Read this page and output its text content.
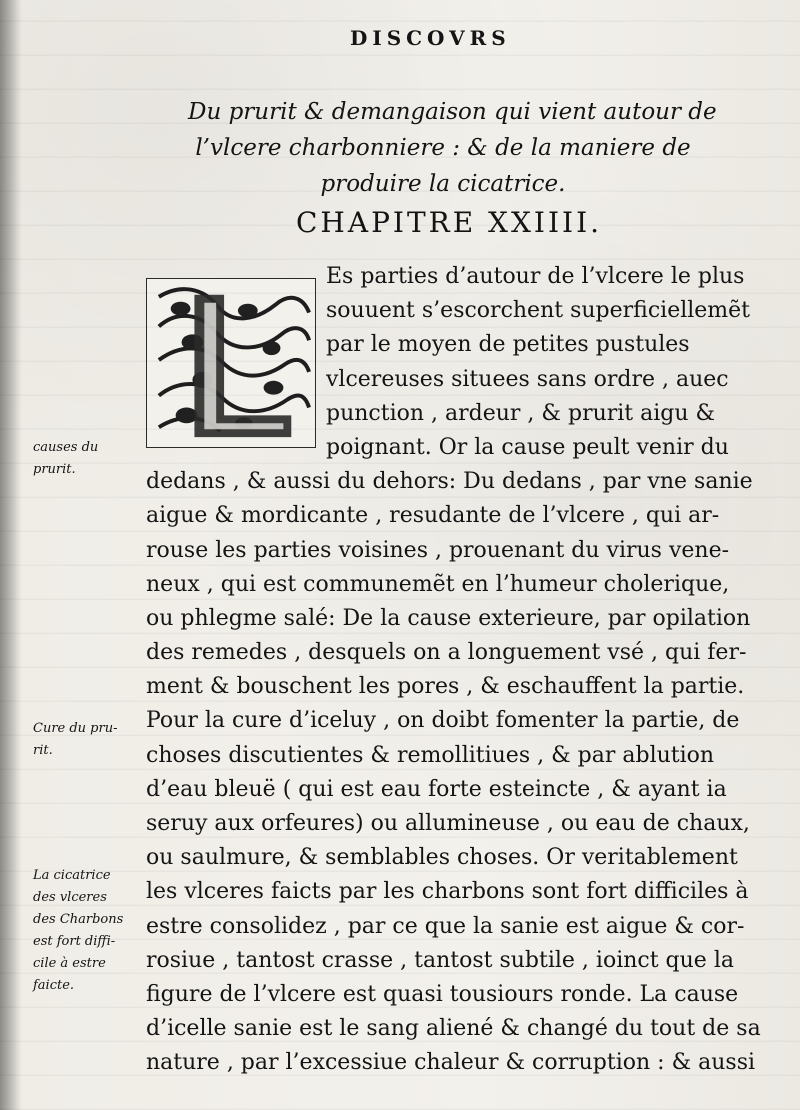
DISCOVRS
Du prurit & demangaison qui vient autour de
l’vlcere charbonniere : & de la maniere de
produire la cicatrice.
CHAPITRE XXIIII.
Es parties d’autour de l’vlcere le plus
souuent s’escorchent superficiellemẽt
par le moyen de petites pustules
vlcereuses situees sans ordre , auec
punction , ardeur , & prurit aigu &
poignant. Or la cause peult venir du
dedans , & aussi du dehors: Du dedans , par vne sanie
aigue & mordicante , resudante de l’vlcere , qui ar-
rouse les parties voisines , prouenant du virus vene-
neux , qui est communemẽt en l’humeur cholerique,
ou phlegme salé: De la cause exterieure, par opilation
des remedes , desquels on a longuement vsé , qui fer-
ment & bouschent les pores , & eschauffent la partie.
Pour la cure d’iceluy , on doibt fomenter la partie, de
choses discutientes & remollitiues , & par ablution
d’eau bleuë ( qui est eau forte esteincte , & ayant ia
seruy aux orfeures) ou allumineuse , ou eau de chaux,
ou saulmure, & semblables choses. Or veritablement
les vlceres faicts par les charbons sont fort difficiles à
estre consolidez , par ce que la sanie est aigue & cor-
rosiue , tantost crasse , tantost subtile , ioinct que la
figure de l’vlcere est quasi tousiours ronde. La cause
d’icelle sanie est le sang aliené & changé du tout de sa
nature , par l’excessiue chaleur & corruption : & aussi
causes du
prurit.
Cure du pru-
rit.
La cicatrice
des vlceres
des Charbons
est fort diffi-
cile à estre
faicte.
